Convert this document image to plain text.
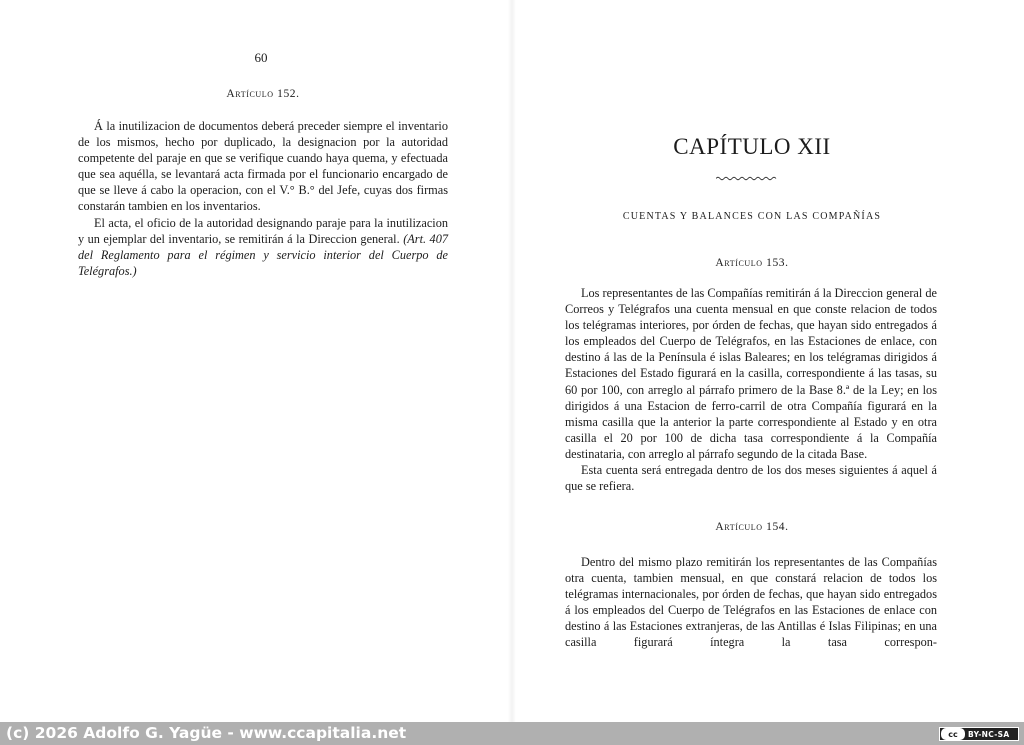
60
Artículo 152.

Á la inutilizacion de documentos deberá preceder siempre el inventario de los mismos, hecho por duplicado, la designacion por la autoridad competente del paraje en que se verifique cuando haya quema, y efectuada que sea aquélla, se levantará acta firmada por el funcionario encargado de que se lleve á cabo la operacion, con el V.° B.° del Jefe, cuyas dos firmas constarán tambien en los inventarios.

El acta, el oficio de la autoridad designando paraje para la inutilizacion y un ejemplar del inventario, se remitirán á la Direccion general. (Art. 407 del Reglamento para el régimen y servicio interior del Cuerpo de Telégrafos.)

CAPÍTULO XII
CUENTAS Y BALANCES CON LAS COMPAÑÍAS
Artículo 153.

Los representantes de las Compañías remitirán á la Direccion general de Correos y Telégrafos una cuenta mensual en que conste relacion de todos los telégramas interiores, por órden de fechas, que hayan sido entregados á los empleados del Cuerpo de Telégrafos, en las Estaciones de enlace, con destino á las de la Península é islas Baleares; en los telégramas dirigidos á Estaciones del Estado figurará en la casilla, correspondiente á las tasas, su 60 por 100, con arreglo al párrafo primero de la Base 8.ª de la Ley; en los dirigidos á una Estacion de ferro-carril de otra Compañía figurará en la misma casilla que la anterior la parte correspondiente al Estado y en otra casilla el 20 por 100 de dicha tasa correspondiente á la Compañía destinataria, con arreglo al párrafo segundo de la citada Base.

Esta cuenta será entregada dentro de los dos meses siguientes á aquel á que se refiera.

Artículo 154.

Dentro del mismo plazo remitirán los representantes de las Compañías otra cuenta, tambien mensual, en que constará relacion de todos los telégramas internacionales, por órden de fechas, que hayan sido entregados á los empleados del Cuerpo de Telégrafos en las Estaciones de enlace con destino á las Estaciones extranjeras, de las Antillas é Islas Filipinas; en una casilla figurará íntegra la tasa correspon-

(c) 2026 Adolfo G. Yagüe - www.ccapitalia.net	cc	BY-NC-SA
